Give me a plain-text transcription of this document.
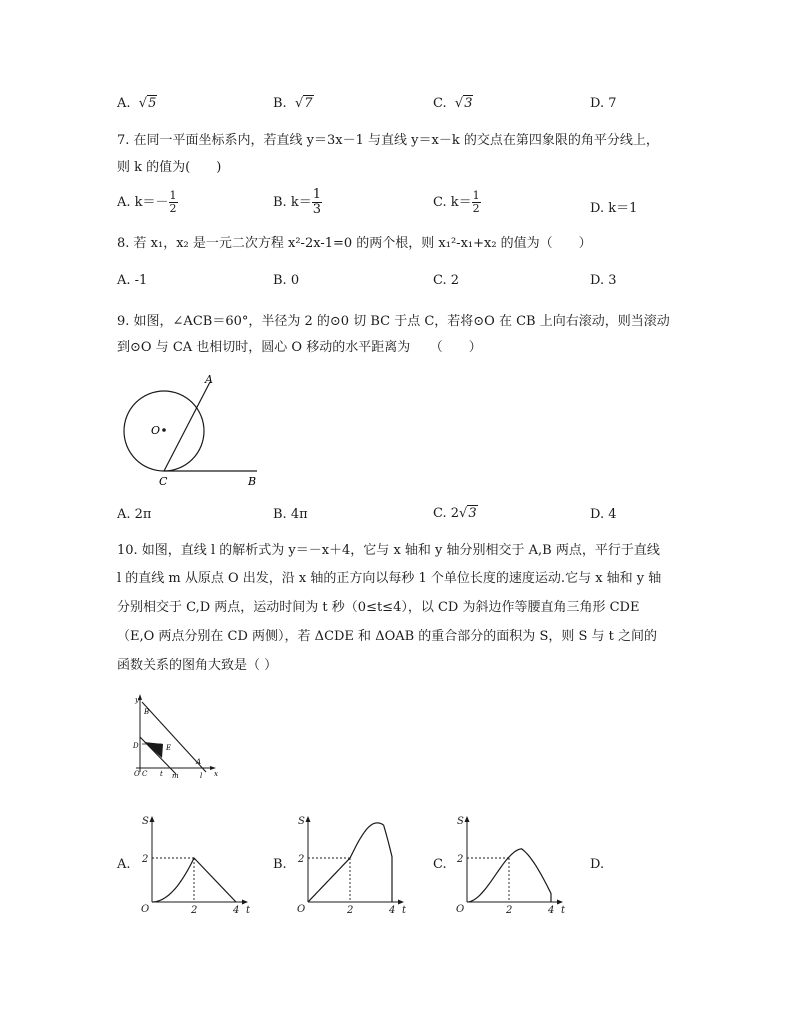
A.  √5	B.  √7	C.  √3	D. 7
7. 在同一平面坐标系内，若直线 y＝3x－1 与直线 y＝x－k 的交点在第四象限的角平分线上，
则 k 的值为(　　)
A. $k=- \frac{1}{2}$	B. $k= \frac{1}{3}$	C. $k= \frac{1}{2}$	D. k＝1
8. 若 x₁，x₂ 是一元二次方程 x²-2x-1=0 的两个根，则 x₁²-x₁+x₂ 的值为（　　）
A. -1	B. 0	C. 2	D. 3
9. 如图，∠ACB＝60°，半径为 2 的⊙0 切 BC 于点 C，若将⊙O 在 CB 上向右滚动，则当滚动
到⊙O 与 CA 也相切时，圆心 O 移动的水平距离为　　（　　）
A
O
C	B
A. 2π	B. 4π	C. 2√3	D. 4
10. 如图，直线 l 的解析式为 y＝－x＋4，它与 x 轴和 y 轴分别相交于 A,B 两点，平行于直线
l 的直线 m 从原点 O 出发，沿 x 轴的正方向以每秒 1 个单位长度的速度运动.它与 x 轴和 y 轴
分别相交于 C,D 两点，运动时间为 t 秒（0≤t≤4），以 CD 为斜边作等腰直角三角形 CDE
（E,O 两点分别在 CD 两侧），若 ΔCDE 和 ΔOAB 的重合部分的面积为 S，则 S 与 t 之间的
函数关系的图角大致是（ ）
y
B
D	E
O C t m
A
l x
A.	B.	C.	D.
S
O
2
4 t
2
S
O
2
4 t
2
S
O
2
4 t
2
